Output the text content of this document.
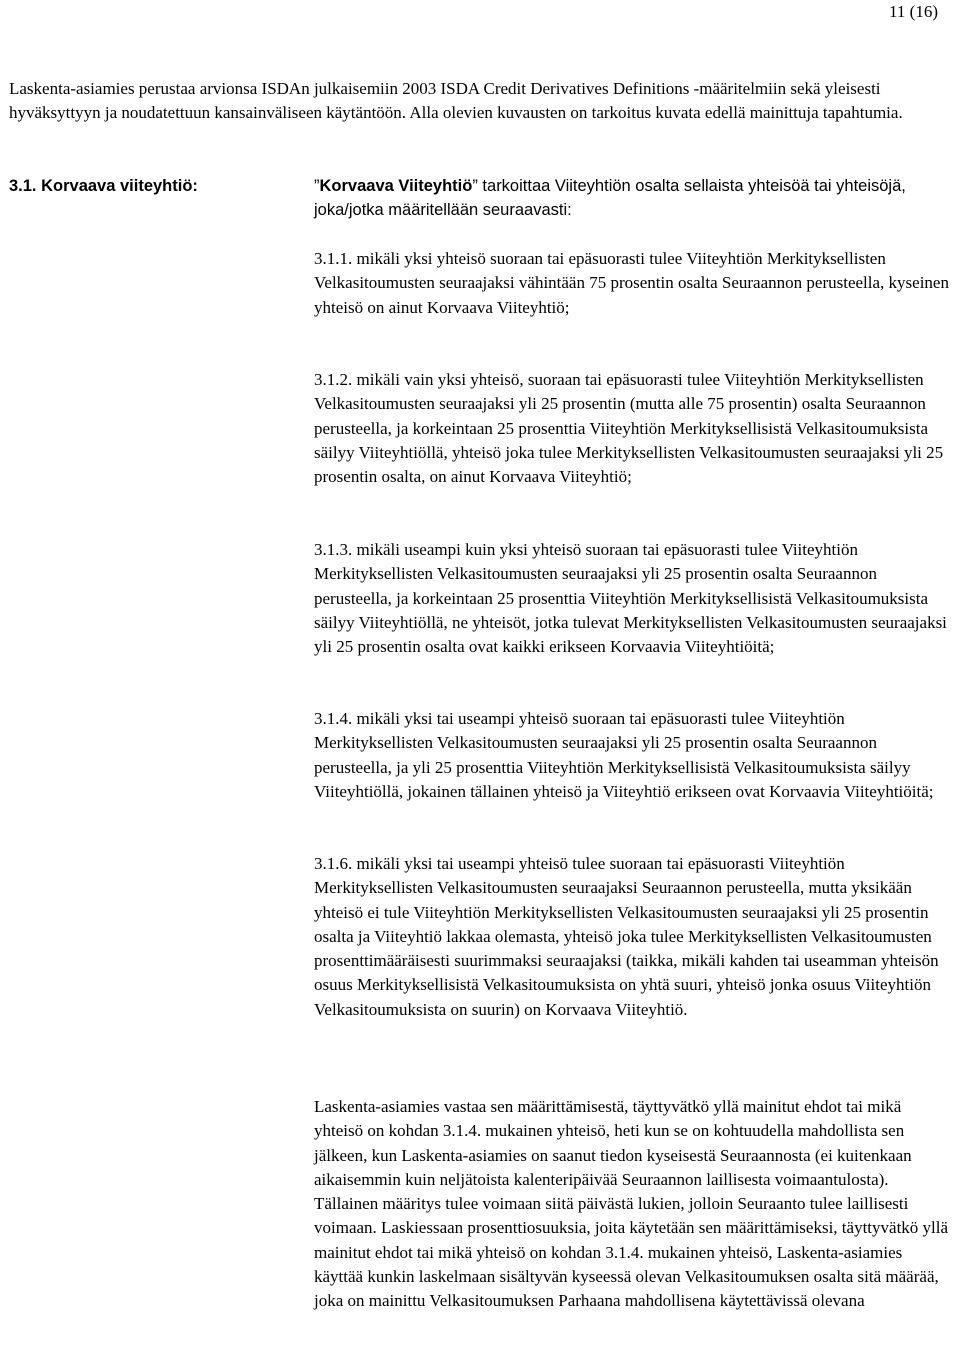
11 (16)

Laskenta-asiamies perustaa arvionsa ISDAn julkaisemiin 2003 ISDA Credit Derivatives Definitions -määritelmiin sekä yleisesti hyväksyttyyn ja noudatettuun kansainväliseen käytäntöön. Alla olevien kuvausten on tarkoitus kuvata edellä mainittuja tapahtumia.

3.1. Korvaava viiteyhtiö:	”Korvaava Viiteyhtiö” tarkoittaa Viiteyhtiön osalta sellaista yhteisöä tai yhteisöjä, joka/jotka määritellään seuraavasti:

3.1.1. mikäli yksi yhteisö suoraan tai epäsuorasti tulee Viiteyhtiön Merkityksellisten Velkasitoumusten seuraajaksi vähintään 75 prosentin osalta Seuraannon perusteella, kyseinen yhteisö on ainut Korvaava Viiteyhtiö;

3.1.2. mikäli vain yksi yhteisö, suoraan tai epäsuorasti tulee Viiteyhtiön Merkityksellisten Velkasitoumusten seuraajaksi yli 25 prosentin (mutta alle 75 prosentin) osalta Seuraannon perusteella, ja korkeintaan 25 prosenttia Viiteyhtiön Merkityksellisistä Velkasitoumuksista säilyy Viiteyhtiöllä, yhteisö joka tulee Merkityksellisten Velkasitoumusten seuraajaksi yli 25 prosentin osalta, on ainut Korvaava Viiteyhtiö;

3.1.3. mikäli useampi kuin yksi yhteisö suoraan tai epäsuorasti tulee Viiteyhtiön Merkityksellisten Velkasitoumusten seuraajaksi yli 25 prosentin osalta Seuraannon perusteella, ja korkeintaan 25 prosenttia Viiteyhtiön Merkityksellisistä Velkasitoumuksista säilyy Viiteyhtiöllä, ne yhteisöt, jotka tulevat Merkityksellisten Velkasitoumusten seuraajaksi yli 25 prosentin osalta ovat kaikki erikseen Korvaavia Viiteyhtiöitä;

3.1.4. mikäli yksi tai useampi yhteisö suoraan tai epäsuorasti tulee Viiteyhtiön Merkityksellisten Velkasitoumusten seuraajaksi yli 25 prosentin osalta Seuraannon perusteella, ja yli 25 prosenttia Viiteyhtiön Merkityksellisistä Velkasitoumuksista säilyy Viiteyhtiöllä, jokainen tällainen yhteisö ja Viiteyhtiö erikseen ovat Korvaavia Viiteyhtiöitä;

3.1.6. mikäli yksi tai useampi yhteisö tulee suoraan tai epäsuorasti Viiteyhtiön Merkityksellisten Velkasitoumusten seuraajaksi Seuraannon perusteella, mutta yksikään yhteisö ei tule Viiteyhtiön Merkityksellisten Velkasitoumusten seuraajaksi yli 25 prosentin osalta ja Viiteyhtiö lakkaa olemasta, yhteisö joka tulee Merkityksellisten Velkasitoumusten prosenttimääräisesti suurimmaksi seuraajaksi (taikka, mikäli kahden tai useamman yhteisön osuus Merkityksellisistä Velkasitoumuksista on yhtä suuri, yhteisö jonka osuus Viiteyhtiön Velkasitoumuksista on suurin) on Korvaava Viiteyhtiö.

Laskenta-asiamies vastaa sen määrittämisestä, täyttyvätkö yllä mainitut ehdot tai mikä yhteisö on kohdan 3.1.4. mukainen yhteisö, heti kun se on kohtuudella mahdollista sen jälkeen, kun Laskenta-asiamies on saanut tiedon kyseisestä Seuraannosta (ei kuitenkaan aikaisemmin kuin neljätoista kalenteripäivää Seuraannon laillisesta voimaantulosta). Tällainen määritys tulee voimaan siitä päivästä lukien, jolloin Seuraanto tulee laillisesti voimaan. Laskiessaan prosenttiosuuksia, joita käytetään sen määrittämiseksi, täyttyvätkö yllä mainitut ehdot tai mikä yhteisö on kohdan 3.1.4. mukainen yhteisö, Laskenta-asiamies käyttää kunkin laskelmaan sisältyvän kyseessä olevan Velkasitoumuksen osalta sitä määrää, joka on mainittu Velkasitoumuksen Parhaana mahdollisena käytettävissä olevana
